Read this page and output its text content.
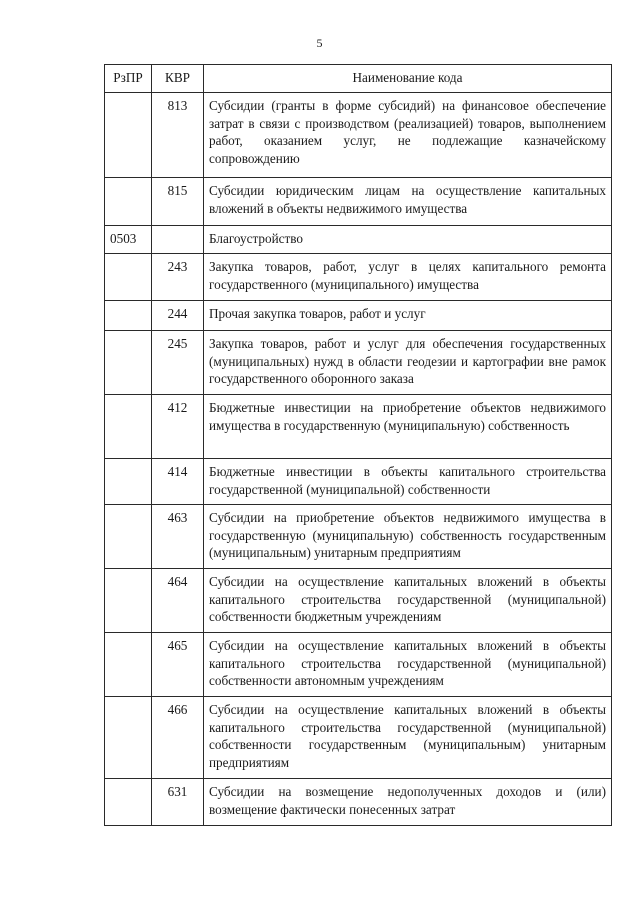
5
РзПР	КВР	Наименование кода
	813	Субсидии (гранты в форме субсидий) на финансовое обеспечение затрат в связи с производством (реализацией) товаров, выполнением работ, оказанием услуг, не подлежащие казначейскому сопровождению
	815	Субсидии юридическим лицам на осуществление капитальных вложений в объекты недвижимого имущества
0503		Благоустройство
	243	Закупка товаров, работ, услуг в целях капитального ремонта государственного (муниципального) имущества
	244	Прочая закупка товаров, работ и услуг
	245	Закупка товаров, работ и услуг для обеспечения государственных (муниципальных) нужд в области геодезии и картографии вне рамок государственного оборонного заказа
	412	Бюджетные инвестиции на приобретение объектов недвижимого имущества в государственную (муниципальную) собственность
	414	Бюджетные инвестиции в объекты капитального строительства государственной (муниципальной) собственности
	463	Субсидии на приобретение объектов недвижимого имущества в государственную (муниципальную) собственность государственным (муниципальным) унитарным предприятиям
	464	Субсидии на осуществление капитальных вложений в объекты капитального строительства государственной (муниципальной) собственности бюджетным учреждениям
	465	Субсидии на осуществление капитальных вложений в объекты капитального строительства государственной (муниципальной) собственности автономным учреждениям
	466	Субсидии на осуществление капитальных вложений в объекты капитального строительства государственной (муниципальной) собственности государственным (муниципальным) унитарным предприятиям
	631	Субсидии на возмещение недополученных доходов и (или) возмещение фактически понесенных затрат
